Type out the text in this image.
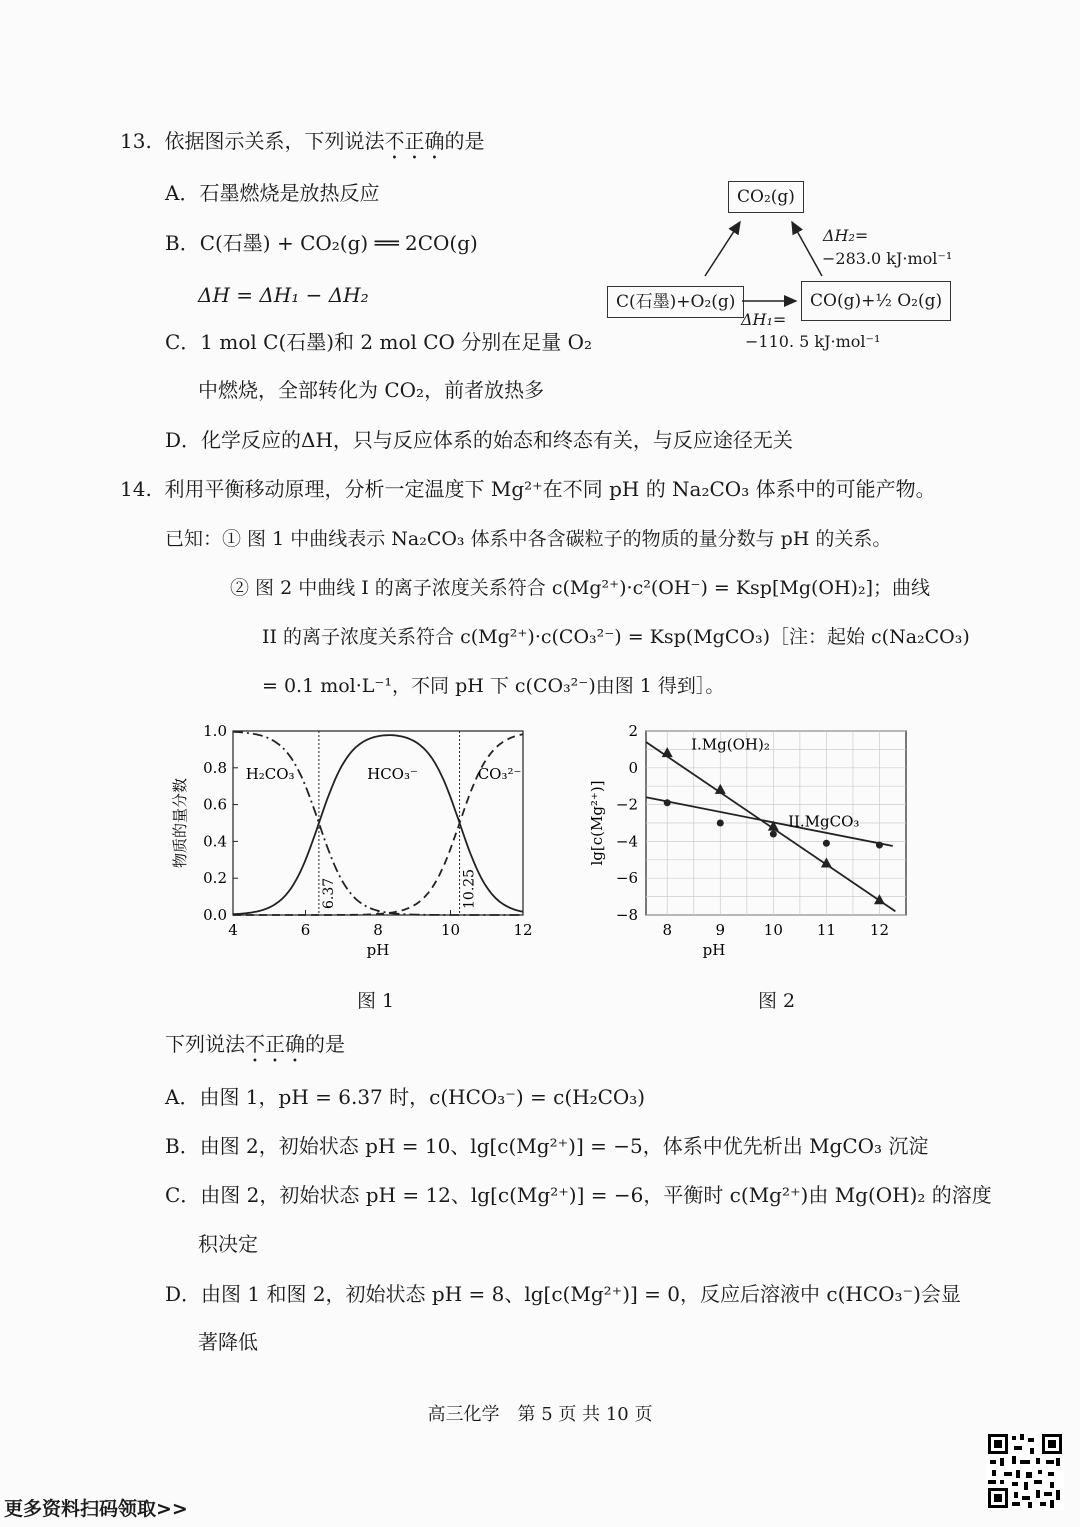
13. 依据图示关系，下列说法不正确的是
A．石墨燃烧是放热反应
B．C(石墨) + CO₂(g) ══ 2CO(g)
ΔH = ΔH₁ − ΔH₂
C．1 mol C(石墨)和 2 mol CO 分别在足量 O₂
中燃烧，全部转化为 CO₂，前者放热多
D．化学反应的ΔH，只与反应体系的始态和终态有关，与反应途径无关
CO₂(g)
C(石墨)+O₂(g)	CO(g)+½ O₂(g)
ΔH₂=
−283.0 kJ·mol⁻¹
ΔH₁=
−110. 5 kJ·mol⁻¹
14. 利用平衡移动原理，分析一定温度下 Mg²⁺在不同 pH 的 Na₂CO₃ 体系中的可能产物。
已知：① 图 1 中曲线表示 Na₂CO₃ 体系中各含碳粒子的物质的量分数与 pH 的关系。
② 图 2 中曲线 I 的离子浓度关系符合 c(Mg²⁺)·c²(OH⁻) = Ksp[Mg(OH)₂]；曲线
II 的离子浓度关系符合 c(Mg²⁺)·c(CO₃²⁻) = Ksp(MgCO₃)［注：起始 c(Na₂CO₃)
= 0.1 mol·L⁻¹，不同 pH 下 c(CO₃²⁻)由图 1 得到］。
4	6	8	10	12
0.0
0.2
0.4
0.6
0.8
1.0
pH
物质的量分数
6.37	10.25
H₂CO₃	HCO₃⁻	CO₃²⁻
8	9	10 11 12
2
0
−2
−4
−6
−8
pH
lg[c(Mg²⁺)]
I.Mg(OH)₂
II.MgCO₃
图 1	图 2
下列说法不正确的是
A．由图 1，pH = 6.37 时，c(HCO₃⁻) = c(H₂CO₃)
B．由图 2，初始状态 pH = 10、lg[c(Mg²⁺)] = −5，体系中优先析出 MgCO₃ 沉淀
C．由图 2，初始状态 pH = 12、lg[c(Mg²⁺)] = −6，平衡时 c(Mg²⁺)由 Mg(OH)₂ 的溶度
积决定
D．由图 1 和图 2，初始状态 pH = 8、lg[c(Mg²⁺)] = 0，反应后溶液中 c(HCO₃⁻)会显
著降低
高三化学　第 5 页 共 10 页
更多资料扫码领取>>
